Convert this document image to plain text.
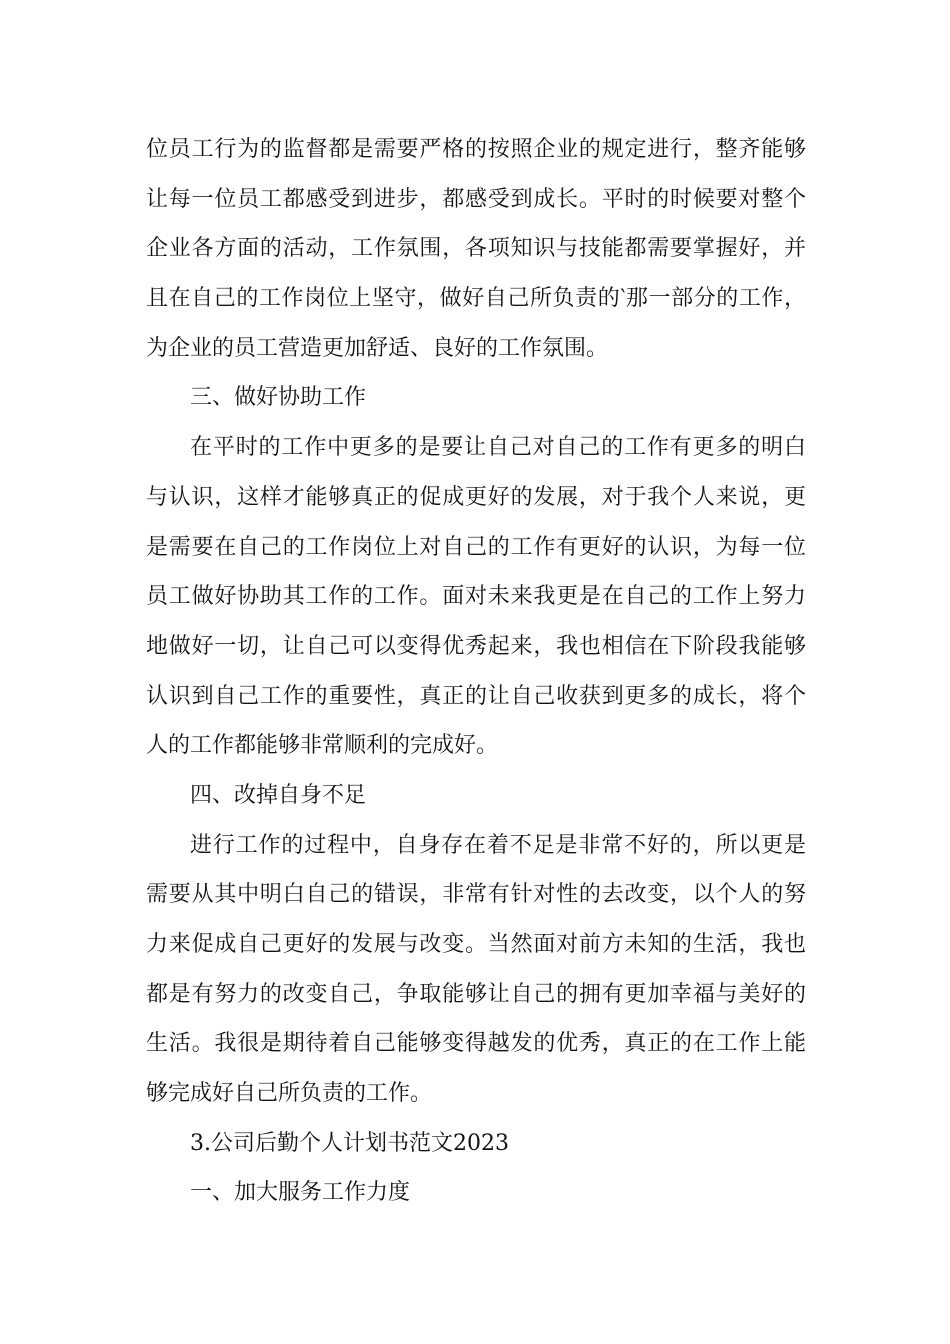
位员工行为的监督都是需要严格的按照企业的规定进行，整齐能够
让每一位员工都感受到进步，都感受到成长。平时的时候要对整个
企业各方面的活动，工作氛围，各项知识与技能都需要掌握好，并
且在自己的工作岗位上坚守，做好自己所负责的‵那一部分的工作，
为企业的员工营造更加舒适、良好的工作氛围。
三、做好协助工作
在平时的工作中更多的是要让自己对自己的工作有更多的明白
与认识，这样才能够真正的促成更好的发展，对于我个人来说，更
是需要在自己的工作岗位上对自己的工作有更好的认识，为每一位
员工做好协助其工作的工作。面对未来我更是在自己的工作上努力
地做好一切，让自己可以变得优秀起来，我也相信在下阶段我能够
认识到自己工作的重要性，真正的让自己收获到更多的成长，将个
人的工作都能够非常顺利的完成好。
四、改掉自身不足
进行工作的过程中，自身存在着不足是非常不好的，所以更是
需要从其中明白自己的错误，非常有针对性的去改变，以个人的努
力来促成自己更好的发展与改变。当然面对前方未知的生活，我也
都是有努力的改变自己，争取能够让自己的拥有更加幸福与美好的
生活。我很是期待着自己能够变得越发的优秀，真正的在工作上能
够完成好自己所负责的工作。
3.公司后勤个人计划书范文2023
一、加大服务工作力度
